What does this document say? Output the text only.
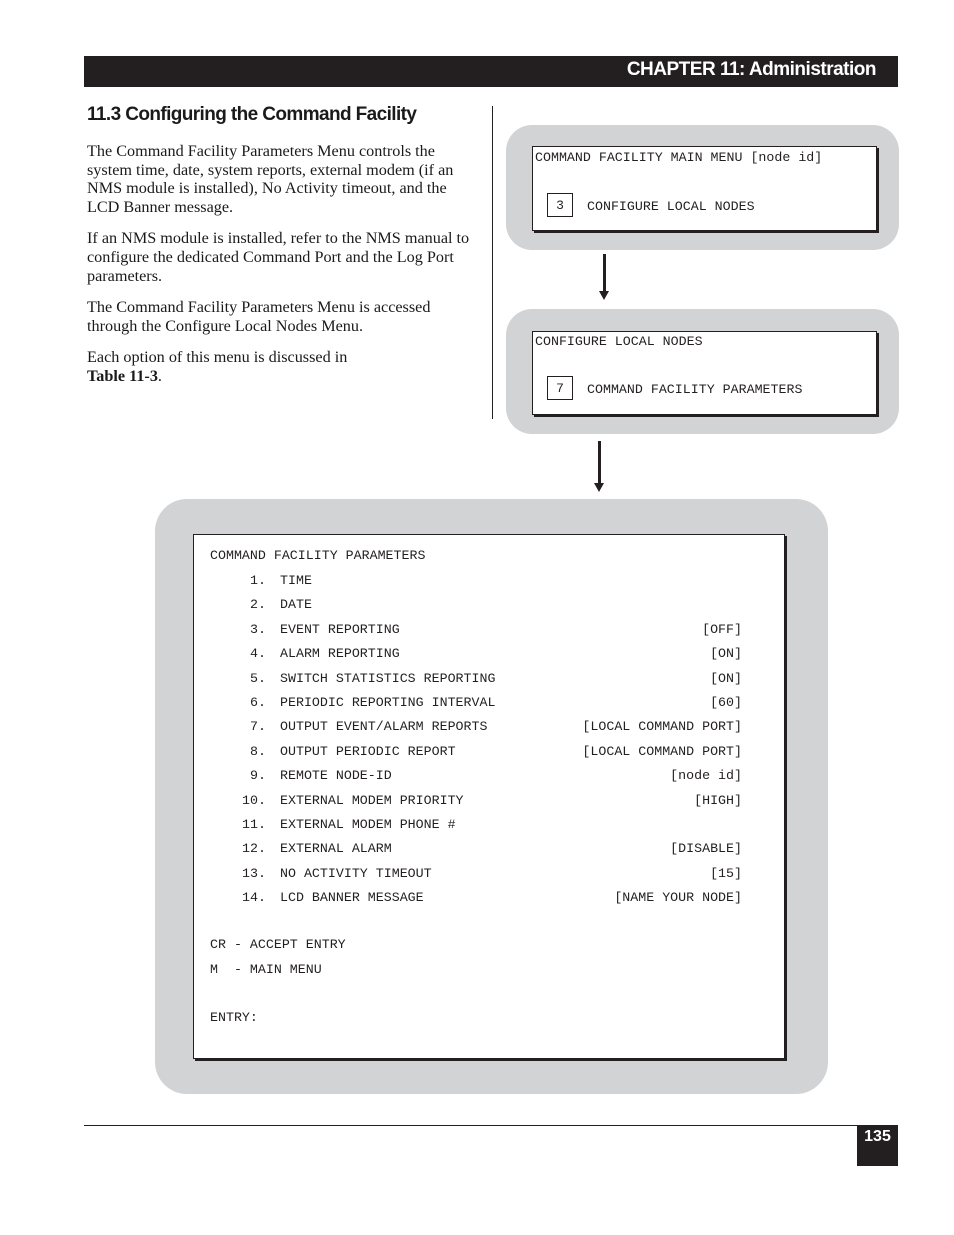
CHAPTER 11: Administration
11.3 Configuring the Command Facility

The Command Facility Parameters Menu controls the system time, date, system reports, external modem (if an NMS module is installed), No Activity timeout, and the LCD Banner message.

If an NMS module is installed, refer to the NMS manual to configure the dedicated Command Port and the Log Port parameters.

The Command Facility Parameters Menu is accessed through the Configure Local Nodes Menu.

Each option of this menu is discussed in
Table 11-3.

COMMAND FACILITY MAIN MENU [node id]
3	CONFIGURE LOCAL NODES
CONFIGURE LOCAL NODES
7	COMMAND FACILITY PARAMETERS
COMMAND FACILITY PARAMETERS
1. TIME
2. DATE
3. EVENT REPORTING	[OFF]
4. ALARM REPORTING	[ON]
5. SWITCH STATISTICS REPORTING	[ON]
6. PERIODIC REPORTING INTERVAL	[60]
7. OUTPUT EVENT/ALARM REPORTS	[LOCAL COMMAND PORT]
8. OUTPUT PERIODIC REPORT	[LOCAL COMMAND PORT]
9. REMOTE NODE-ID	[node id]
10. EXTERNAL MODEM PRIORITY	[HIGH]
11. EXTERNAL MODEM PHONE #
12. EXTERNAL ALARM	[DISABLE]
13. NO ACTIVITY TIMEOUT	[15]
14. LCD BANNER MESSAGE	[NAME YOUR NODE]
CR - ACCEPT ENTRY
M  - MAIN MENU
ENTRY:
135
